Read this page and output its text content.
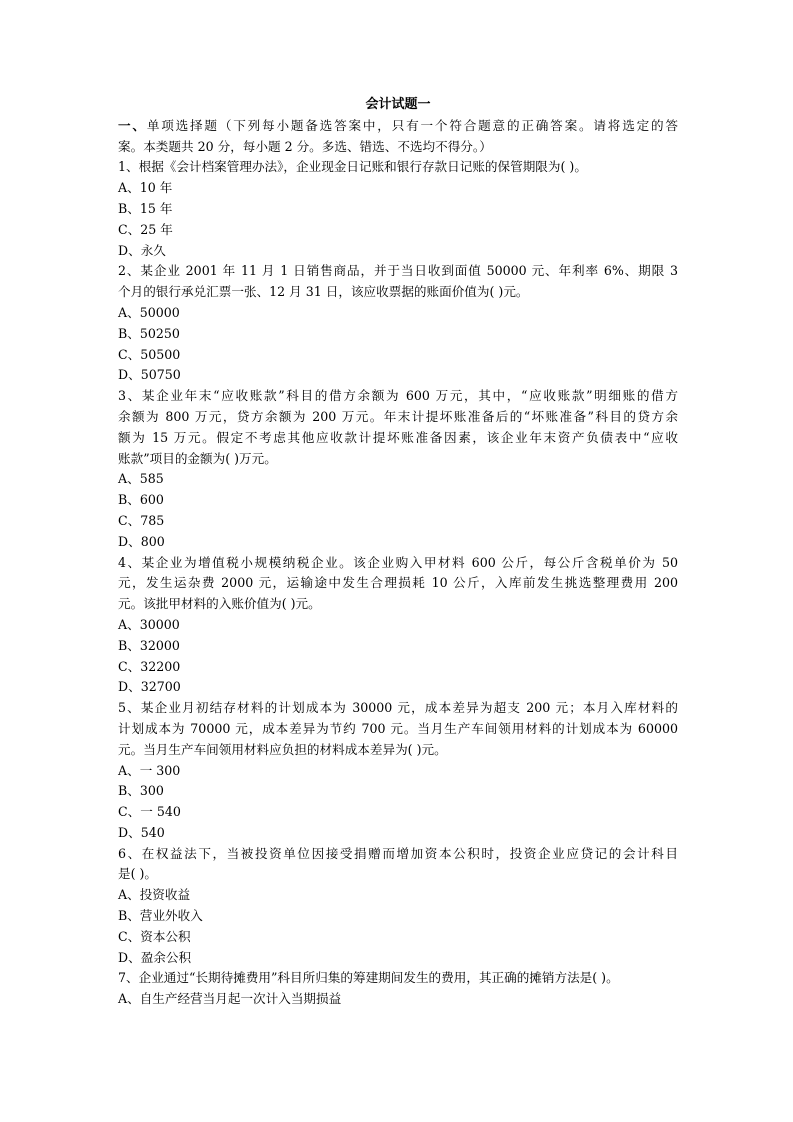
会计试题一
一、单项选择题（下列每小题备选答案中，只有一个符合题意的正确答案。请将选定的答
案。本类题共 20 分，每小题 2 分。多选、错选、不选均不得分。）
1、根据《会计档案管理办法》，企业现金日记账和银行存款日记账的保管期限为( )。
A、10 年
B、15 年
C、25 年
D、永久
2、某企业 2001 年 11 月 1 日销售商品，并于当日收到面值 50000 元、年利率 6%、期限 3
个月的银行承兑汇票一张、12 月 31 日，该应收票据的账面价值为( )元。
A、50000
B、50250
C、50500
D、50750
3、某企业年末“应收账款”科目的借方余额为 600 万元，其中，“应收账款”明细账的借方
余额为 800 万元，贷方余额为 200 万元。年末计提坏账准备后的“坏账准备”科目的贷方余
额为 15 万元。假定不考虑其他应收款计提坏账准备因素，该企业年末资产负债表中“应收
账款”项目的金额为( )万元。
A、585
B、600
C、785
D、800
4、某企业为增值税小规模纳税企业。该企业购入甲材料 600 公斤，每公斤含税单价为 50
元，发生运杂费 2000 元，运输途中发生合理损耗 10 公斤，入库前发生挑选整理费用 200
元。该批甲材料的入账价值为( )元。
A、30000
B、32000
C、32200
D、32700
5、某企业月初结存材料的计划成本为 30000 元，成本差异为超支 200 元；本月入库材料的
计划成本为 70000 元，成本差异为节约 700 元。当月生产车间领用材料的计划成本为 60000
元。当月生产车间领用材料应负担的材料成本差异为( )元。
A、一 300
B、300
C、一 540
D、540
6、在权益法下，当被投资单位因接受捐赠而增加资本公积时，投资企业应贷记的会计科目
是( )。
A、投资收益
B、营业外收入
C、资本公积
D、盈余公积
7、企业通过“长期待摊费用”科目所归集的筹建期间发生的费用，其正确的摊销方法是( )。
A、自生产经营当月起一次计入当期损益
